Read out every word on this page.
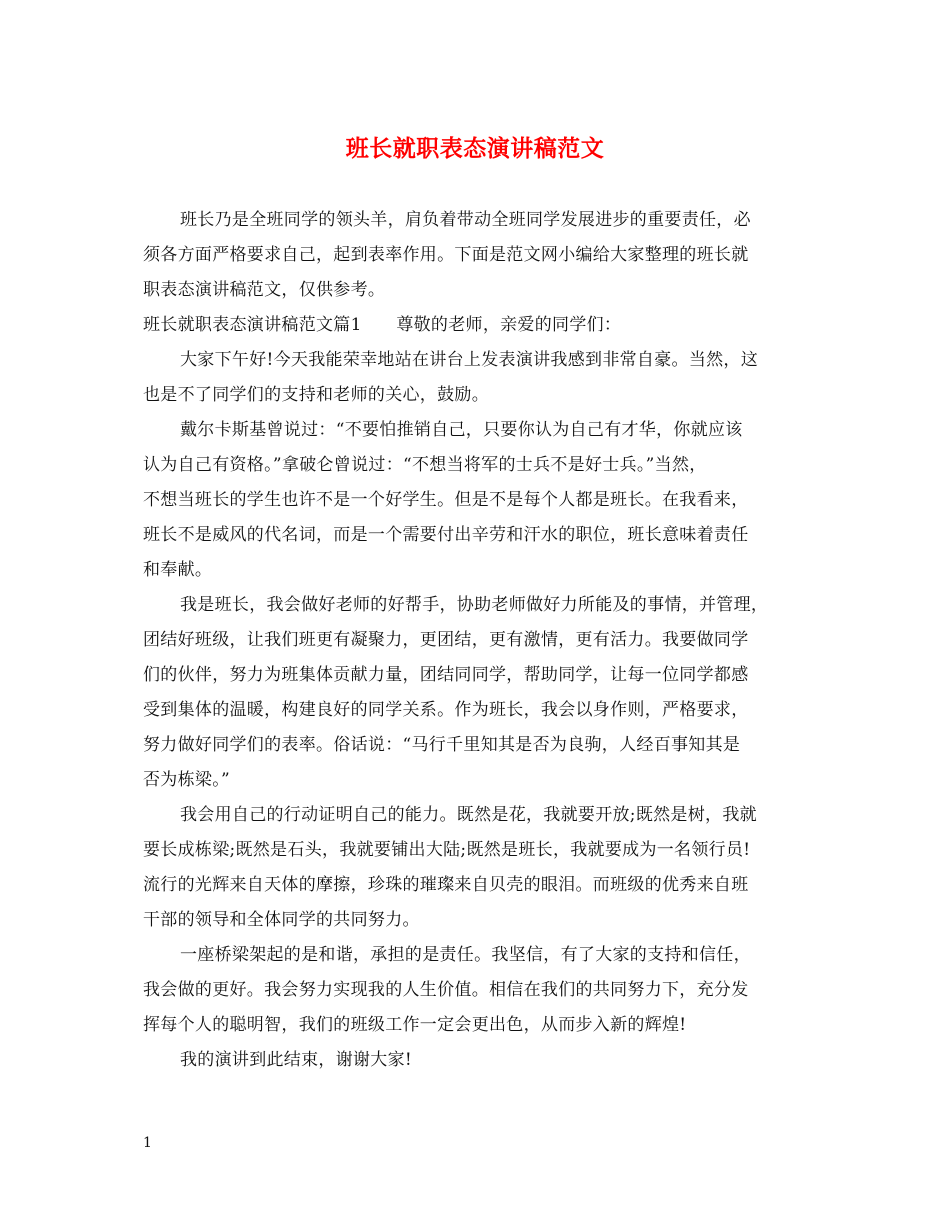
班长就职表态演讲稿范文
班长乃是全班同学的领头羊，肩负着带动全班同学发展进步的重要责任，必
须各方面严格要求自己，起到表率作用。下面是范文网小编给大家整理的班长就
职表态演讲稿范文，仅供参考。
班长就职表态演讲稿范文篇1　　尊敬的老师，亲爱的同学们：
大家下午好!今天我能荣幸地站在讲台上发表演讲我感到非常自豪。当然，这
也是不了同学们的支持和老师的关心，鼓励。
戴尔卡斯基曾说过：“不要怕推销自己，只要你认为自己有才华，你就应该
认为自己有资格。”拿破仑曾说过：“不想当将军的士兵不是好士兵。”当然，
不想当班长的学生也许不是一个好学生。但是不是每个人都是班长。在我看来，
班长不是威风的代名词，而是一个需要付出辛劳和汗水的职位，班长意味着责任
和奉献。
我是班长，我会做好老师的好帮手，协助老师做好力所能及的事情，并管理，
团结好班级，让我们班更有凝聚力，更团结，更有激情，更有活力。我要做同学
们的伙伴，努力为班集体贡献力量，团结同同学，帮助同学，让每一位同学都感
受到集体的温暖，构建良好的同学关系。作为班长，我会以身作则，严格要求，
努力做好同学们的表率。俗话说：“马行千里知其是否为良驹，人经百事知其是
否为栋梁。”
我会用自己的行动证明自己的能力。既然是花，我就要开放;既然是树，我就
要长成栋梁;既然是石头，我就要铺出大陆;既然是班长，我就要成为一名领行员!
流行的光辉来自天体的摩擦，珍珠的璀璨来自贝壳的眼泪。而班级的优秀来自班
干部的领导和全体同学的共同努力。
一座桥梁架起的是和谐，承担的是责任。我坚信，有了大家的支持和信任，
我会做的更好。我会努力实现我的人生价值。相信在我们的共同努力下，充分发
挥每个人的聪明智，我们的班级工作一定会更出色，从而步入新的辉煌!
我的演讲到此结束，谢谢大家!
1
